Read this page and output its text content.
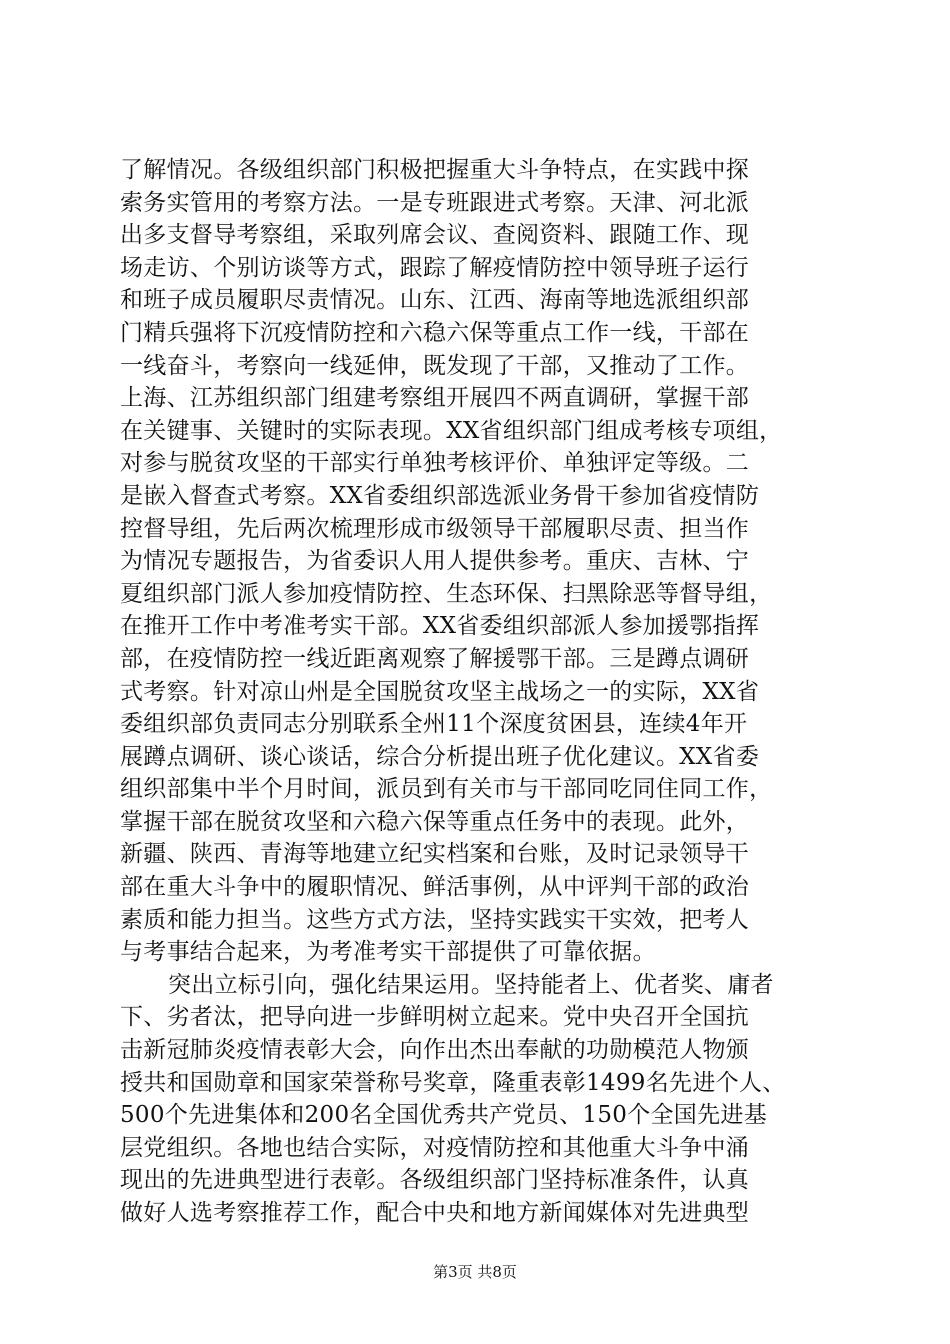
了解情况。各级组织部门积极把握重大斗争特点，在实践中探
索务实管用的考察方法。一是专班跟进式考察。天津、河北派
出多支督导考察组，采取列席会议、查阅资料、跟随工作、现
场走访、个别访谈等方式，跟踪了解疫情防控中领导班子运行
和班子成员履职尽责情况。山东、江西、海南等地选派组织部
门精兵强将下沉疫情防控和六稳六保等重点工作一线，干部在
一线奋斗，考察向一线延伸，既发现了干部，又推动了工作。
上海、江苏组织部门组建考察组开展四不两直调研，掌握干部
在关键事、关键时的实际表现。XX省组织部门组成考核专项组，
对参与脱贫攻坚的干部实行单独考核评价、单独评定等级。二
是嵌入督查式考察。XX省委组织部选派业务骨干参加省疫情防
控督导组，先后两次梳理形成市级领导干部履职尽责、担当作
为情况专题报告，为省委识人用人提供参考。重庆、吉林、宁
夏组织部门派人参加疫情防控、生态环保、扫黑除恶等督导组，
在推开工作中考准考实干部。XX省委组织部派人参加援鄂指挥
部，在疫情防控一线近距离观察了解援鄂干部。三是蹲点调研
式考察。针对凉山州是全国脱贫攻坚主战场之一的实际，XX省
委组织部负责同志分别联系全州11个深度贫困县，连续4年开
展蹲点调研、谈心谈话，综合分析提出班子优化建议。XX省委
组织部集中半个月时间，派员到有关市与干部同吃同住同工作，
掌握干部在脱贫攻坚和六稳六保等重点任务中的表现。此外，
新疆、陕西、青海等地建立纪实档案和台账，及时记录领导干
部在重大斗争中的履职情况、鲜活事例，从中评判干部的政治
素质和能力担当。这些方式方法，坚持实践实干实效，把考人
与考事结合起来，为考准考实干部提供了可靠依据。
突出立标引向，强化结果运用。坚持能者上、优者奖、庸者
下、劣者汰，把导向进一步鲜明树立起来。党中央召开全国抗
击新冠肺炎疫情表彰大会，向作出杰出奉献的功勋模范人物颁
授共和国勋章和国家荣誉称号奖章，隆重表彰1499名先进个人、
500个先进集体和200名全国优秀共产党员、150个全国先进基
层党组织。各地也结合实际，对疫情防控和其他重大斗争中涌
现出的先进典型进行表彰。各级组织部门坚持标准条件，认真
做好人选考察推荐工作，配合中央和地方新闻媒体对先进典型
第3页 共8页
